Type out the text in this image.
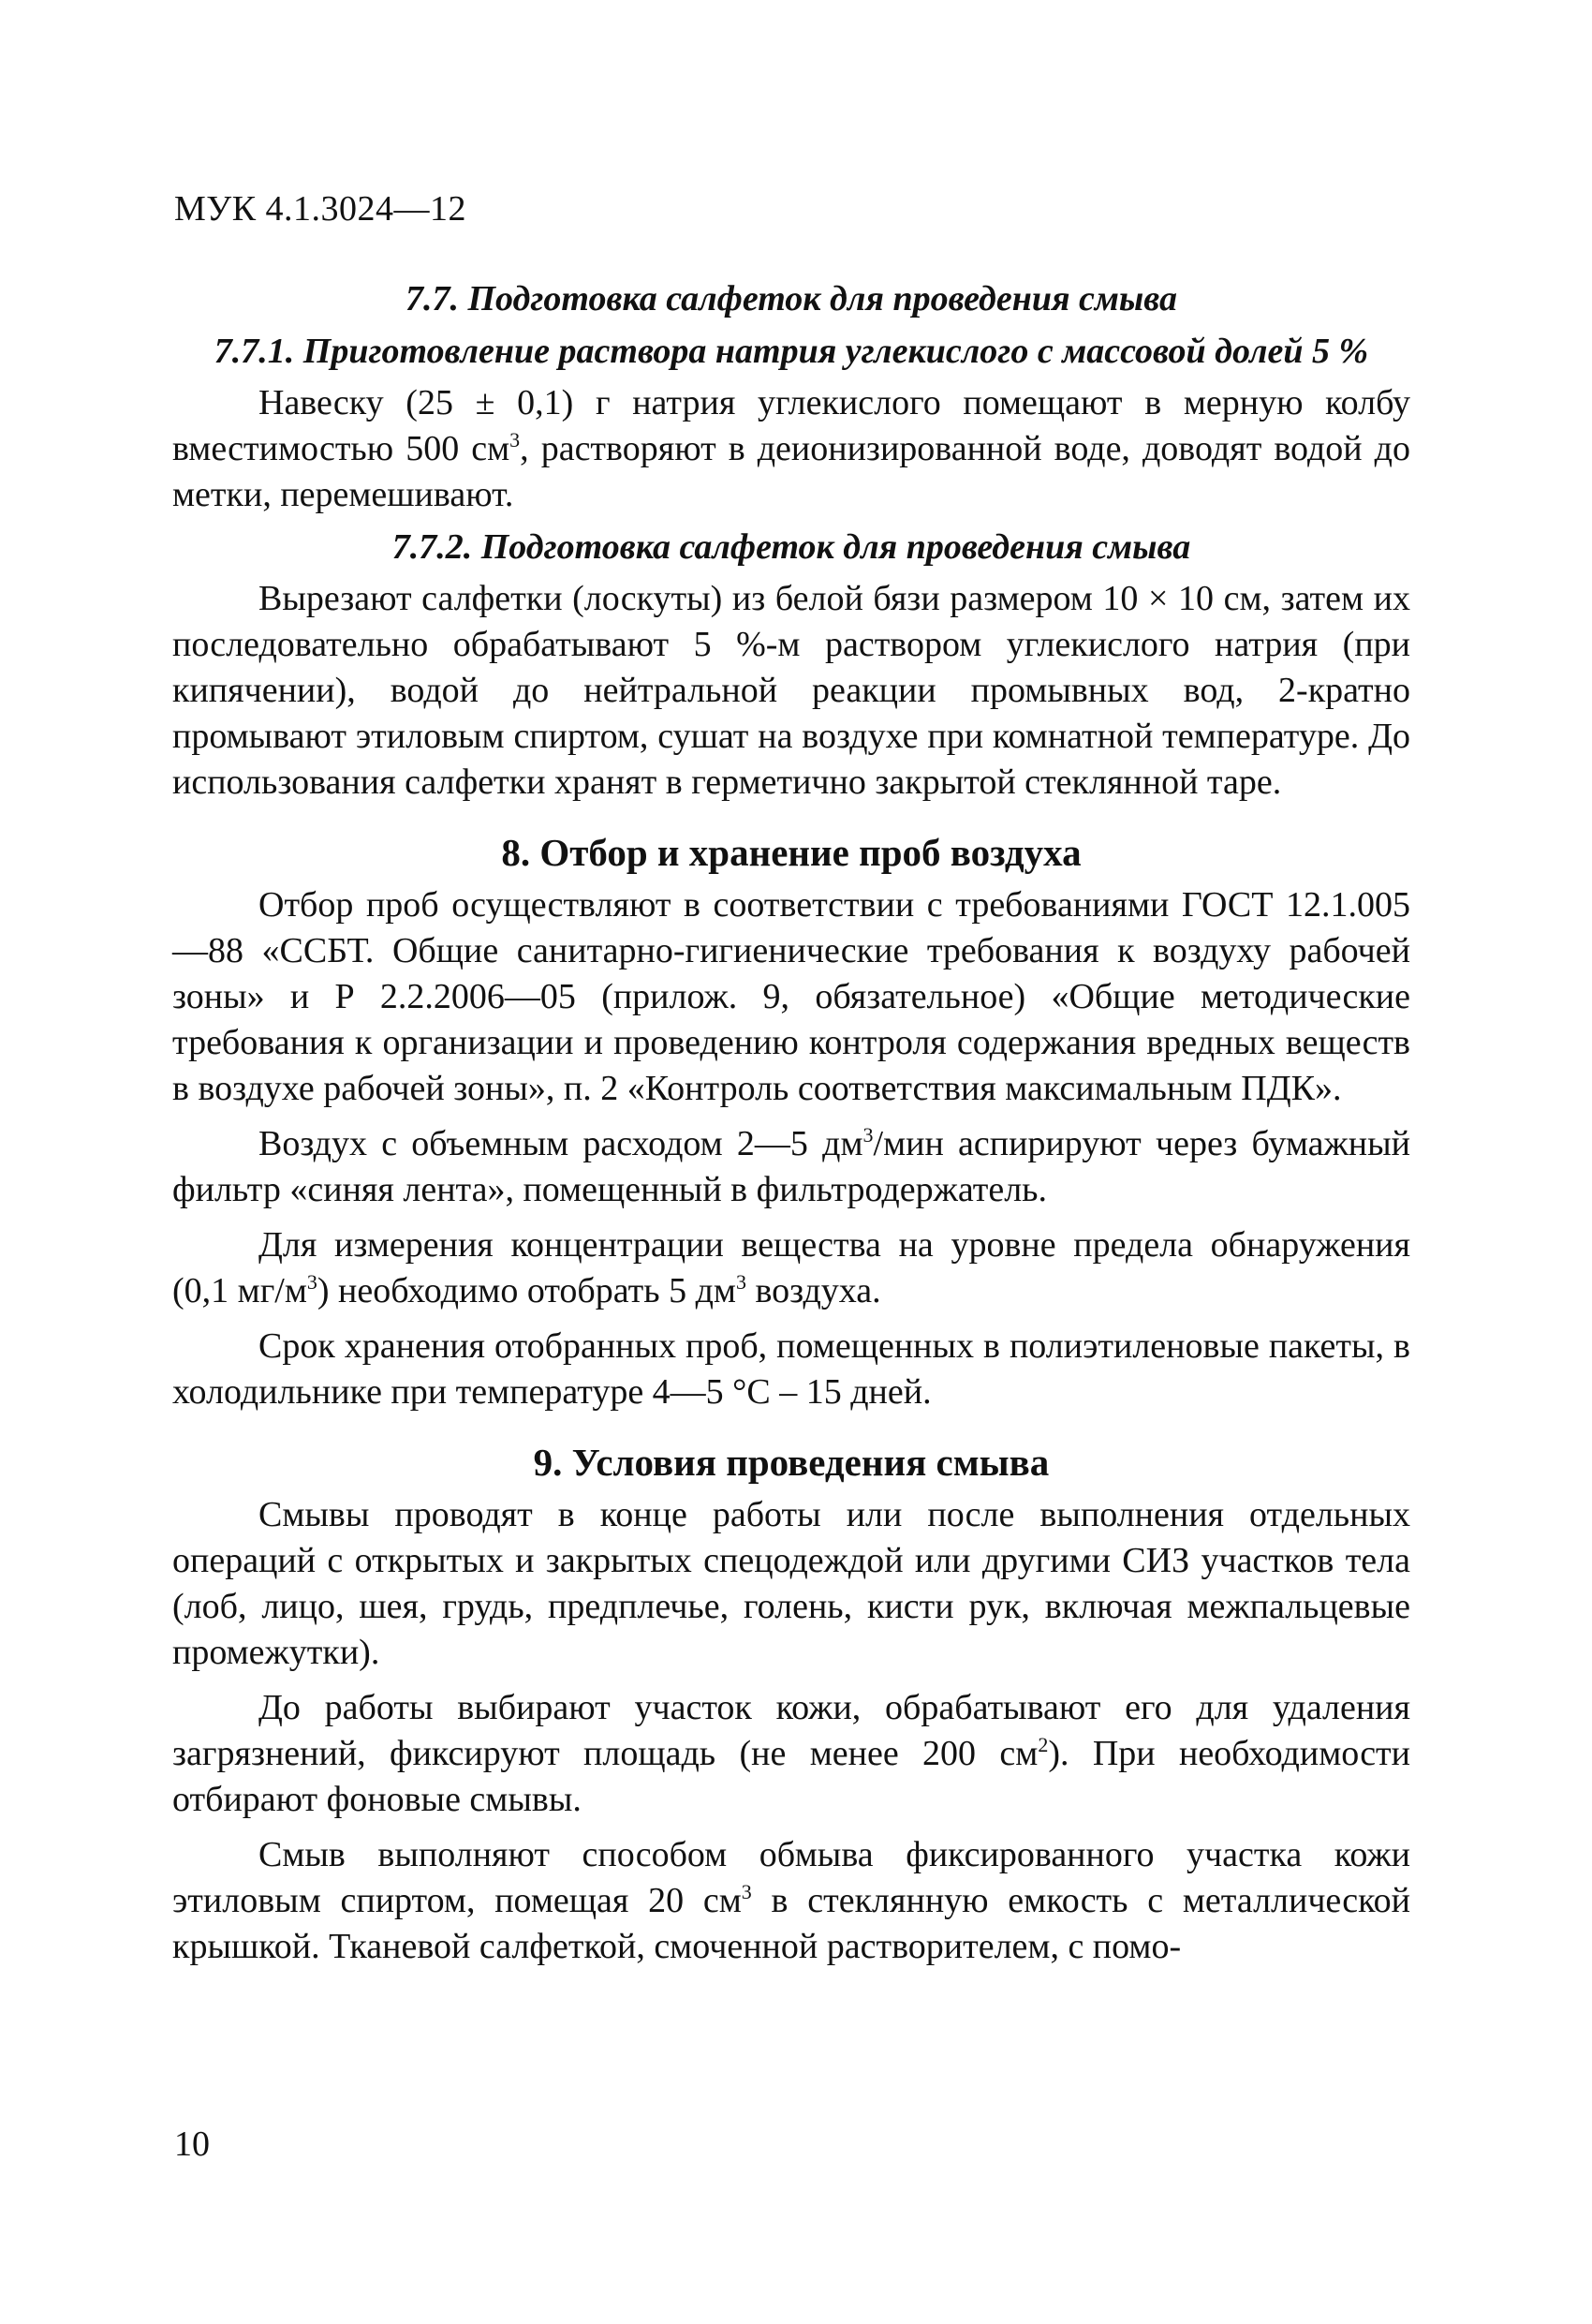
МУК 4.1.3024—12
7.7. Подготовка салфеток для проведения смыва
7.7.1. Приготовление раствора натрия углекислого с массовой долей 5 %

Навеску (25 ± 0,1) г натрия углекислого помещают в мерную колбу вместимостью 500 $см^3$, растворяют в деионизированной воде, доводят водой до метки, перемешивают.

7.7.2. Подготовка салфеток для проведения смыва

Вырезают салфетки (лоскуты) из белой бязи размером 10 × 10 см, затем их последовательно обрабатывают 5 %-м раствором углекислого натрия (при кипячении), водой до нейтральной реакции промывных вод, 2-кратно промывают этиловым спиртом, сушат на воздухе при комнатной температуре. До использования салфетки хранят в герметично закрытой стеклянной таре.

8. Отбор и хранение проб воздуха

Отбор проб осуществляют в соответствии с требованиями ГОСТ 12.1.005—88 «ССБТ. Общие санитарно-гигиенические требования к воздуху рабочей зоны» и Р 2.2.2006—05 (прилож. 9, обязательное) «Общие методические требования к организации и проведению контроля содержания вредных веществ в воздухе рабочей зоны», п. 2 «Контроль соответствия максимальным ПДК».

Воздух с объемным расходом 2—5 $дм^3$/мин аспирируют через бумажный фильтр «синяя лента», помещенный в фильтродержатель.

Для измерения концентрации вещества на уровне предела обнаружения (0,1 $мг/м^3$) необходимо отобрать 5 $дм^3$ воздуха.

Срок хранения отобранных проб, помещенных в полиэтиленовые пакеты, в холодильнике при температуре 4—5 °С – 15 дней.

9. Условия проведения смыва

Смывы проводят в конце работы или после выполнения отдельных операций с открытых и закрытых спецодеждой или другими СИЗ участков тела (лоб, лицо, шея, грудь, предплечье, голень, кисти рук, включая межпальцевые промежутки).

До работы выбирают участок кожи, обрабатывают его для удаления загрязнений, фиксируют площадь (не менее 200 $см^2$). При необходимости отбирают фоновые смывы.

Смыв выполняют способом обмыва фиксированного участка кожи этиловым спиртом, помещая 20 $см^3$ в стеклянную емкость с металлической крышкой. Тканевой салфеткой, смоченной растворителем, с помо-

10
